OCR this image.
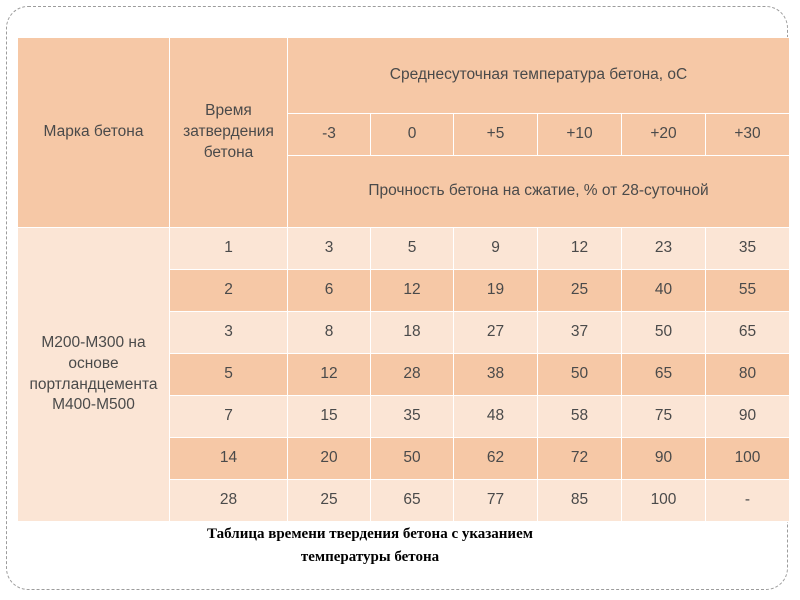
Марка бетона	Время затвердения бетона	Среднесуточная температура бетона, оС					
		-3	0	+5	+10	+20	+30
		Прочность бетона на сжатие, % от 28-суточной					
М200-М300 на основе портландцемента М400-М500	1	3	5	9	12	23	35
	2	6	12	19	25	40	55
	3	8	18	27	37	50	65
	5	12	28	38	50	65	80
	7	15	35	48	58	75	90
	14	20	50	62	72	90	100
	28	25	65	77	85	100	-
Таблица времени твердения бетона с указанием
температуры бетона
